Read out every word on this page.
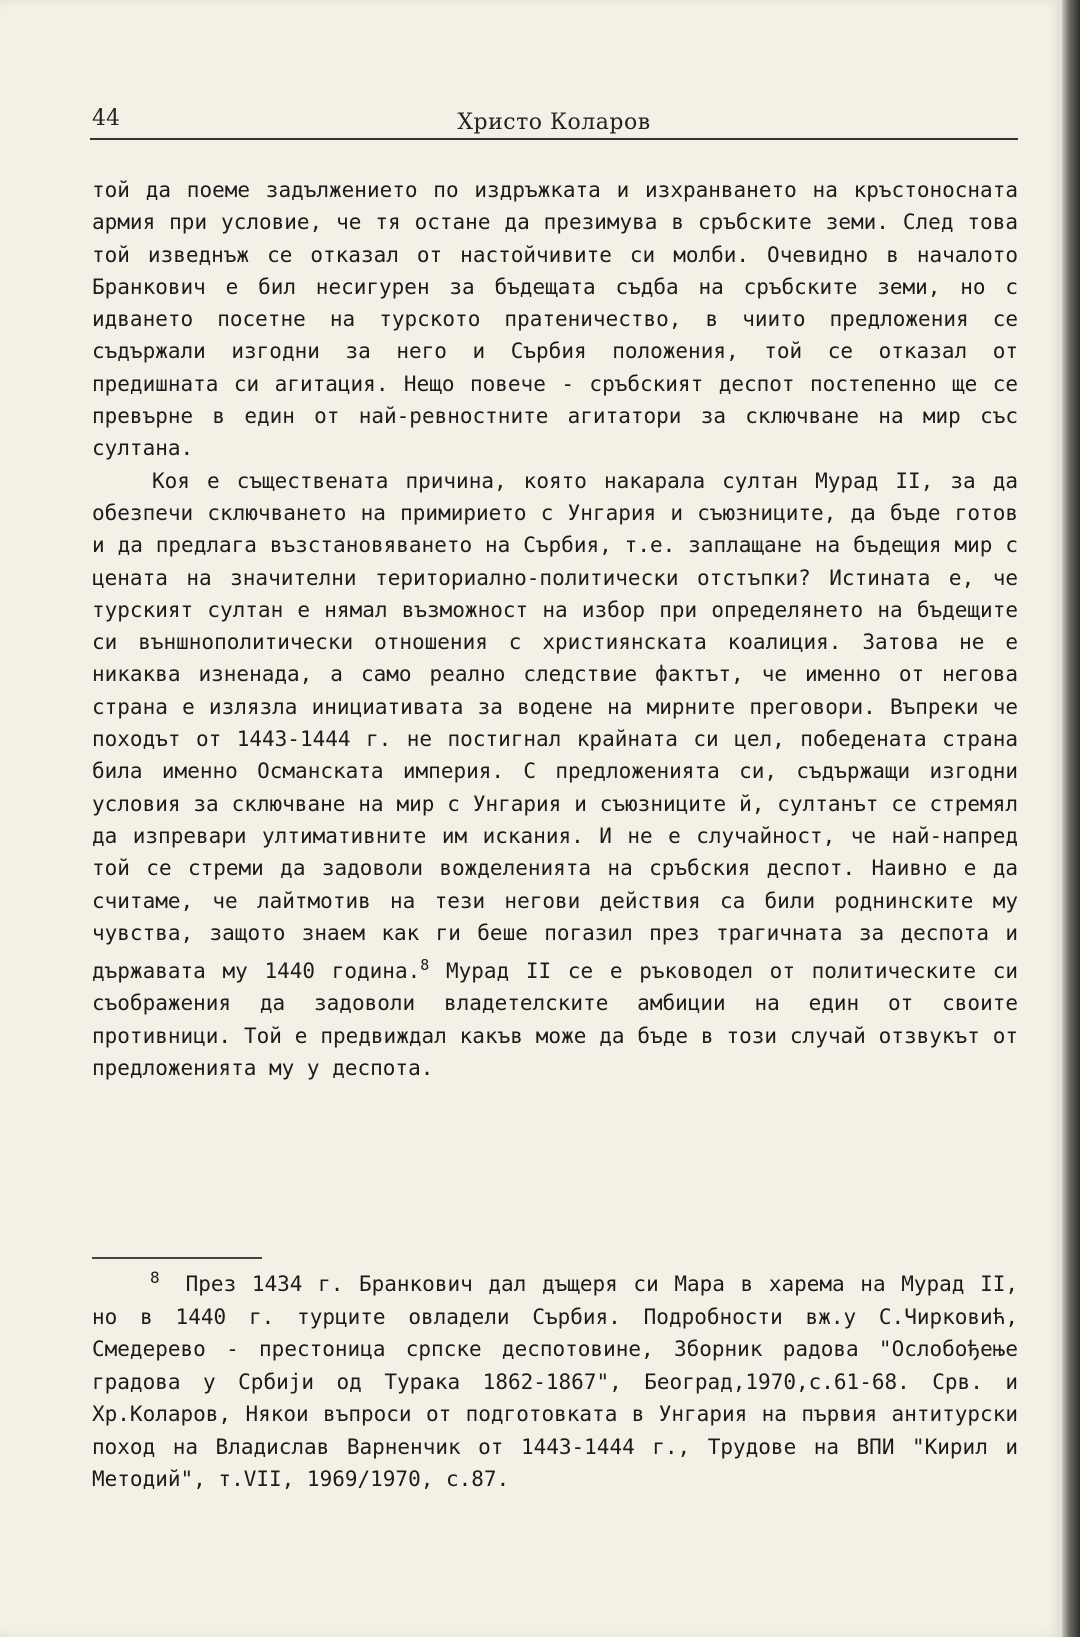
44	Христо Коларов

той да поеме задължението по издръжката и изхранването на кръстоносната армия при условие, че тя остане да презимува в сръбските земи. След това той изведнъж се отказал от настойчивите си молби. Очевидно в началото Бранкович е бил несигурен за бъдещата съдба на сръбските земи, но с идването посетне на турското пратеничество, в чиито предложения се съдържали изгодни за него и Сърбия положения, той се отказал от предишната си агитация. Нещо повече - сръбският деспот постепенно ще се превърне в един от най-ревностните агитатори за сключване на мир със султана.

Коя е съществената причина, която накарала султан Мурад II, за да обезпечи сключването на примирието с Унгария и съюзниците, да бъде готов и да предлага възстановяването на Сърбия, т.е. заплащане на бъдещия мир с цената на значителни териториално-политически отстъпки? Истината е, че турският султан е нямал възможност на избор при определянето на бъдещите си външнополитически отношения с християнската коалиция. Затова не е никаква изненада, а само реално следствие фактът, че именно от негова страна е излязла инициативата за водене на мирните преговори. Въпреки че походът от 1443-1444 г. не постигнал крайната си цел, победената страна била именно Османската империя. С предложенията си, съдържащи изгодни условия за сключване на мир с Унгария и съюзниците й, султанът се стремял да изпревари ултимативните им искания. И не е случайност, че най-напред той се стреми да задоволи вожделенията на сръбския деспот. Наивно е да считаме, че лайтмотив на тези негови действия са били роднинските му чувства, защото знаем как ги беше погазил през трагичната за деспота и държавата му 1440 година.$^8$ Мурад II се е ръководел от политическите си съображения да задоволи владетелските амбиции на един от своите противници. Той е предвиждал какъв може да бъде в този случай отзвукът от предложенията му у деспота.

$^8$ През 1434 г. Бранкович дал дъщеря си Мара в харема на Мурад II, но в 1440 г. турците овладели Сърбия. Подробности вж.у С.Чирковић, Смедерево - престоница српске деспотовине, Зборник радова "Ослобођење градова у Србији од Турака 1862-1867", Београд,1970,с.61-68. Срв. и Хр.Коларов, Някои въпроси от подготовката в Унгария на първия антитурски поход на Владислав Варненчик от 1443-1444 г., Трудове на ВПИ "Кирил и Методий", т.VII, 1969/1970, с.87.
